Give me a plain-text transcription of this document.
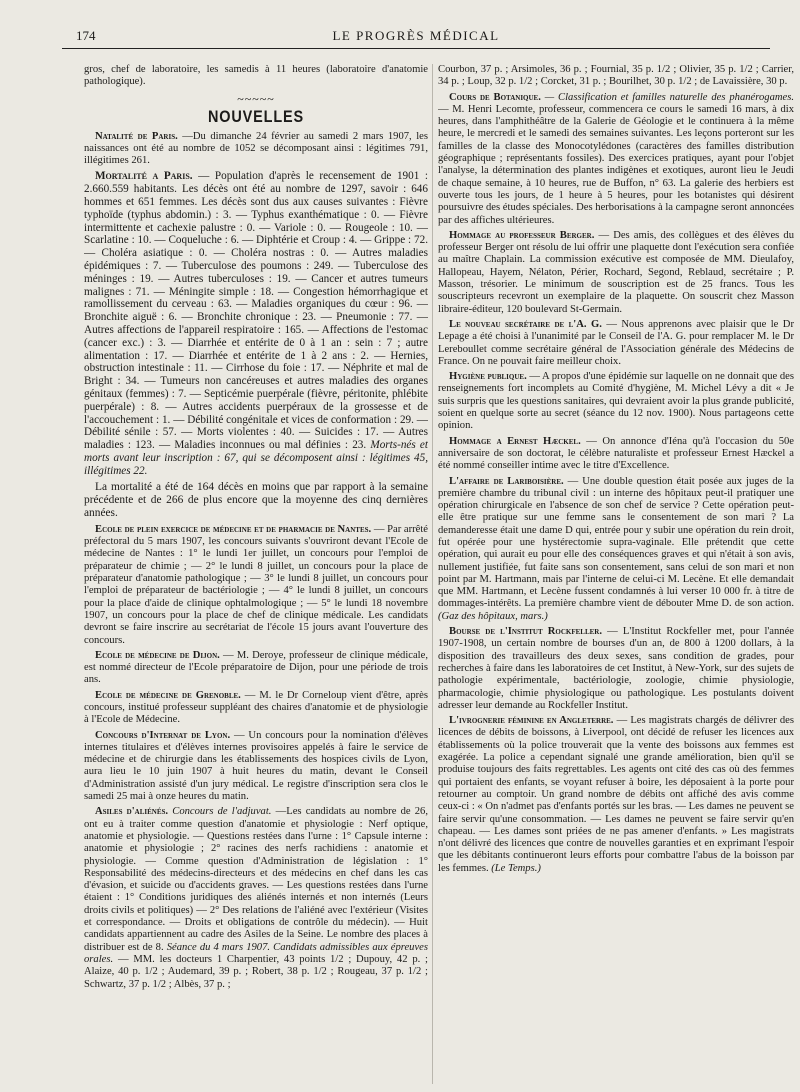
174	LE PROGRÈS MÉDICAL

gros, chef de laboratoire, les samedis à 11 heures (laboratoire d'anatomie pathologique).

~~~~~
NOUVELLES

Natalité de Paris. —Du dimanche 24 février au samedi 2 mars 1907, les naissances ont été au nombre de 1052 se décomposant ainsi : légitimes 791, illégitimes 261.

Mortalité a Paris. — Population d'après le recensement de 1901 : 2.660.559 habitants. Les décès ont été au nombre de 1297, savoir : 646 hommes et 651 femmes. Les décès sont dus aux causes suivantes : Fièvre typhoïde (typhus abdomin.) : 3. — Typhus exanthématique : 0. — Fièvre intermittente et cachexie palustre : 0. — Variole : 0. — Rougeole : 10. — Scarlatine : 10. — Coqueluche : 6. — Diphtérie et Croup : 4. — Grippe : 72. — Choléra asiatique : 0. — Choléra nostras : 0. — Autres maladies épidémiques : 7. — Tuberculose des poumons : 249. — Tuberculose des méninges : 19. — Autres tuberculoses : 19. — Cancer et autres tumeurs malignes : 71. — Méningite simple : 18. — Congestion hémorrhagique et ramollissement du cerveau : 63. — Maladies organiques du cœur : 96. — Bronchite aiguë : 6. — Bronchite chronique : 23. — Pneumonie : 77. — Autres affections de l'appareil respiratoire : 165. — Affections de l'estomac (cancer exc.) : 3. — Diarrhée et entérite de 0 à 1 an : sein : 7 ; autre alimentation : 17. — Diarrhée et entérite de 1 à 2 ans : 2. — Hernies, obstruction intestinale : 11. — Cirrhose du foie : 17. — Néphrite et mal de Bright : 34. — Tumeurs non cancéreuses et autres maladies des organes génitaux (femmes) : 7. — Septicémie puerpérale (fièvre, péritonite, phlébite puerpérale) : 8. — Autres accidents puerpéraux de la grossesse et de l'accouchement : 1. — Débilité congénitale et vices de conformation : 29. — Débilité sénile : 57. — Morts violentes : 40. — Suicides : 17. — Autres maladies : 123. — Maladies inconnues ou mal définies : 23. Morts-nés et morts avant leur inscription : 67, qui se décomposent ainsi : légitimes 45, illégitimes 22.

La mortalité a été de 164 décès en moins que par rapport à la semaine précédente et de 266 de plus encore que la moyenne des cinq dernières années.

Ecole de plein exercice de médecine et de pharmacie de Nantes. — Par arrêté préfectoral du 5 mars 1907, les concours suivants s'ouvriront devant l'Ecole de médecine de Nantes : 1° le lundi 1er juillet, un concours pour l'emploi de préparateur de chimie ; — 2° le lundi 8 juillet, un concours pour la place de préparateur d'anatomie pathologique ; — 3° le lundi 8 juillet, un concours pour l'emploi de préparateur de bactériologie ; — 4° le lundi 8 juillet, un concours pour la place d'aide de clinique ophtalmologique ; — 5° le lundi 18 novembre 1907, un concours pour la place de chef de clinique médicale. Les candidats devront se faire inscrire au secrétariat de l'école 15 jours avant l'ouverture des concours.

Ecole de médecine de Dijon. — M. Deroye, professeur de clinique médicale, est nommé directeur de l'Ecole préparatoire de Dijon, pour une période de trois ans.

Ecole de médecine de Grenoble. — M. le Dr Corneloup vient d'être, après concours, institué professeur suppléant des chaires d'anatomie et de physiologie à l'Ecole de Médecine.

Concours d'Internat de Lyon. — Un concours pour la nomination d'élèves internes titulaires et d'élèves internes provisoires appelés à faire le service de médecine et de chirurgie dans les établissements des hospices civils de Lyon, aura lieu le 10 juin 1907 à huit heures du matin, devant le Conseil d'Administration assisté d'un jury médical. Le registre d'inscription sera clos le samedi 25 mai à onze heures du matin.

Asiles d'aliénés. Concours de l'adjuvat. —Les candidats au nombre de 26, ont eu à traiter comme question d'anatomie et physiologie : Nerf optique, anatomie et physiologie. — Questions restées dans l'urne : 1° Capsule interne : anatomie et physiologie ; 2° racines des nerfs rachidiens : anatomie et physiologie. — Comme question d'Administration de législation : 1° Responsabilité des médecins-directeurs et des médecins en chef dans les cas d'évasion, et suicide ou d'accidents graves. — Les questions restées dans l'urne étaient : 1° Conditions juridiques des aliénés internés et non internés (Leurs droits civils et politiques) — 2° Des relations de l'aliéné avec l'extérieur (Visites et correspondance. — Droits et obligations de contrôle du médecin). — Huit candidats appartiennent au cadre des Asiles de la Seine. Le nombre des places à distribuer est de 8. Séance du 4 mars 1907. Candidats admissibles aux épreuves orales. — MM. les docteurs 1 Charpentier, 43 points 1/2 ; Dupouy, 42 p. ; Alaize, 40 p. 1/2 ; Audemard, 39 p. ; Robert, 38 p. 1/2 ; Rougeau, 37 p. 1/2 ; Schwartz, 37 p. 1/2 ; Albès, 37 p. ;

Courbon, 37 p. ; Arsimoles, 36 p. ; Fournial, 35 p. 1/2 ; Olivier, 35 p. 1/2 ; Carrier, 34 p. ; Loup, 32 p. 1/2 ; Corcket, 31 p. ; Bourilhet, 30 p. 1/2 ; de Lavaissière, 30 p.

Cours de Botanique. — Classification et familles naturelle des phanérogames. — M. Henri Lecomte, professeur, commencera ce cours le samedi 16 mars, à dix heures, dans l'amphithéâtre de la Galerie de Géologie et le continuera à la même heure, le mercredi et le samedi des semaines suivantes. Les leçons porteront sur les familles de la classe des Monocotylédones (caractères des familles distribution géographique ; représentants fossiles). Des exercices pratiques, ayant pour l'objet l'analyse, la détermination des plantes indigènes et exotiques, auront lieu le Jeudi de chaque semaine, à 10 heures, rue de Buffon, n° 63. La galerie des herbiers est ouverte tous les jours, de 1 heure à 5 heures, pour les botanistes qui désirent poursuivre des études spéciales. Des herborisations à la campagne seront annoncées par des affiches ultérieures.

Hommage au professeur Berger. — Des amis, des collègues et des élèves du professeur Berger ont résolu de lui offrir une plaquette dont l'exécution sera confiée au maître Chaplain. La commission exécutive est composée de MM. Dieulafoy, Hallopeau, Hayem, Nélaton, Périer, Rochard, Segond, Reblaud, secrétaire ; P. Masson, trésorier. Le minimum de souscription est de 25 francs. Tous les souscripteurs recevront un exemplaire de la plaquette. On souscrit chez Masson libraire-éditeur, 120 boulevard St-Germain.

Le nouveau secrétaire de l'A. G. — Nous apprenons avec plaisir que le Dr Lepage a été choisi à l'unanimité par le Conseil de l'A. G. pour remplacer M. le Dr Lereboullet comme secrétaire général de l'Association générale des Médecins de France. On ne pouvait faire meilleur choix.

Hygiène publique. — A propos d'une épidémie sur laquelle on ne donnait que des renseignements fort incomplets au Comité d'hygiène, M. Michel Lévy a dit « Je suis surpris que les questions sanitaires, qui devraient avoir la plus grande publicité, soient en quelque sorte au secret (séance du 12 nov. 1900). Nous partageons cette opinion.

Hommage a Ernest Hæckel. — On annonce d'Iéna qu'à l'occasion du 50e anniversaire de son doctorat, le célèbre naturaliste et professeur Ernest Hæckel a été nommé conseiller intime avec le titre d'Excellence.

L'affaire de Lariboisière. — Une double question était posée aux juges de la première chambre du tribunal civil : un interne des hôpitaux peut-il pratiquer une opération chirurgicale en l'absence de son chef de service ? Cette opération peut-elle être pratique sur une femme sans le consentement de son mari ? La demanderesse était une dame D qui, entrée pour y subir une opération du rein droit, fut opérée pour une hystérectomie supra-vaginale. Elle prétendit que cette opération, qui aurait eu pour elle des conséquences graves et qui n'était à son avis, nullement justifiée, fut faite sans son consentement, sans celui de son mari et non point par M. Hartmann, mais par l'interne de celui-ci M. Lecène. Et elle demandait que MM. Hartmann, et Lecène fussent condamnés à lui verser 10 000 fr. à titre de dommages-intérêts. La première chambre vient de débouter Mme D. de son action. (Gaz des hôpitaux, mars.)

Bourse de l'Institut Rockfeller. — L'Institut Rockfeller met, pour l'année 1907-1908, un certain nombre de bourses d'un an, de 800 à 1200 dollars, à la disposition des travailleurs des deux sexes, sans condition de grades, pour recherches à faire dans les laboratoires de cet Institut, à New-York, sur des sujets de pathologie expérimentale, bactériologie, zoologie, chimie physiologie, pharmacologie, chimie physiologique ou pathologique. Les postulants doivent adresser leur demande au Rockfeller Institut.

L'ivrognerie féminine en Angleterre. — Les magistrats chargés de délivrer des licences de débits de boissons, à Liverpool, ont décidé de refuser les licences aux établissements où la police trouverait que la vente des boissons aux femmes est exagérée. La police a cependant signalé une grande amélioration, bien qu'il se produise toujours des faits regrettables. Les agents ont cité des cas où des femmes qui portaient des enfants, se voyant refuser à boire, les déposaient à la porte pour retourner au comptoir. Un grand nombre de débits ont affiché des avis comme ceux-ci : « On n'admet pas d'enfants portés sur les bras. — Les dames ne peuvent se faire servir qu'une consommation. — Les dames ne peuvent se faire servir qu'en chapeau. — Les dames sont priées de ne pas amener d'enfants. » Les magistrats n'ont délivré des licences que contre de nouvelles garanties et en exprimant l'espoir que les débitants continueront leurs efforts pour combattre l'abus de la boisson par les femmes. (Le Temps.)
